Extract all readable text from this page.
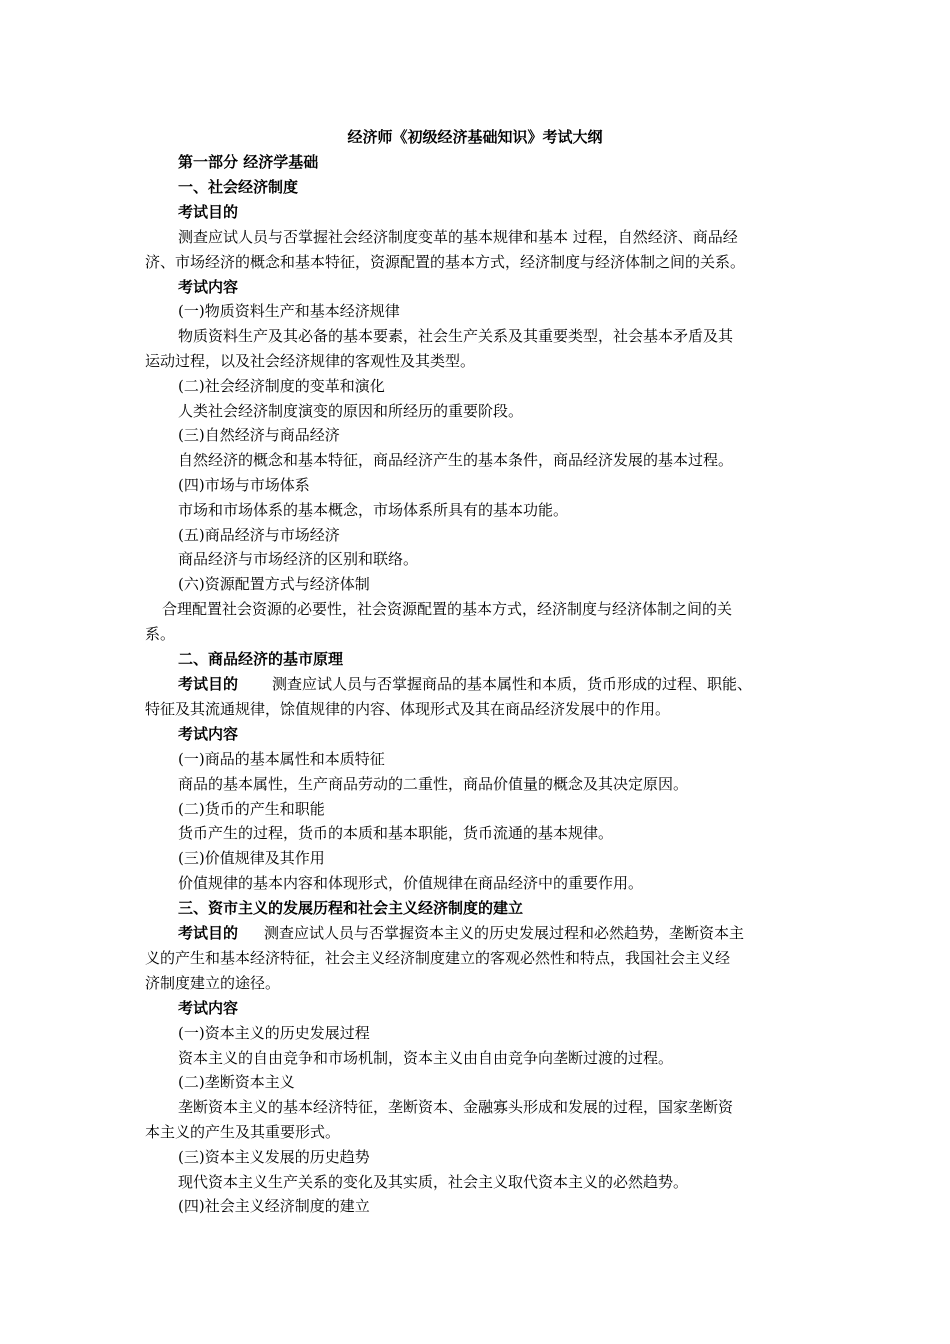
经济师《初级经济基础知识》考试大纲
第一部分 经济学基础
一、社会经济制度
考试目的
测查应试人员与否掌握社会经济制度变革的基本规律和基本 过程，自然经济、商品经
济、市场经济的概念和基本特征，资源配置的基本方式，经济制度与经济体制之间的关系。
考试内容
(一)物质资料生产和基本经济规律
物质资料生产及其必备的基本要素，社会生产关系及其重要类型，社会基本矛盾及其
运动过程，以及社会经济规律的客观性及其类型。
(二)社会经济制度的变革和演化
人类社会经济制度演变的原因和所经历的重要阶段。
(三)自然经济与商品经济
自然经济的概念和基本特征，商品经济产生的基本条件，商品经济发展的基本过程。
(四)市场与市场体系
市场和市场体系的基本概念，市场体系所具有的基本功能。
(五)商品经济与市场经济
商品经济与市场经济的区别和联络。
(六)资源配置方式与经济体制
合理配置社会资源的必要性，社会资源配置的基本方式，经济制度与经济体制之间的关
系。
二、商品经济的基市原理
考试目的 测查应试人员与否掌握商品的基本属性和本质，货币形成的过程、职能、
特征及其流通规律，馀值规律的内容、体现形式及其在商品经济发展中的作用。
考试内容
(一)商品的基本属性和本质特征
商品的基本属性，生产商品劳动的二重性，商品价值量的概念及其决定原因。
(二)货币的产生和职能
货币产生的过程，货币的本质和基本职能，货币流通的基本规律。
(三)价值规律及其作用
价值规律的基本内容和体现形式，价值规律在商品经济中的重要作用。
三、资市主义的发展历程和社会主义经济制度的建立
考试目的 测查应试人员与否掌握资本主义的历史发展过程和必然趋势，垄断资本主
义的产生和基本经济特征，社会主义经济制度建立的客观必然性和特点，我国社会主义经
济制度建立的途径。
考试内容
(一)资本主义的历史发展过程
资本主义的自由竞争和市场机制，资本主义由自由竞争向垄断过渡的过程。
(二)垄断资本主义
垄断资本主义的基本经济特征，垄断资本、金融寡头形成和发展的过程，国家垄断资
本主义的产生及其重要形式。
(三)资本主义发展的历史趋势
现代资本主义生产关系的变化及其实质，社会主义取代资本主义的必然趋势。
(四)社会主义经济制度的建立
